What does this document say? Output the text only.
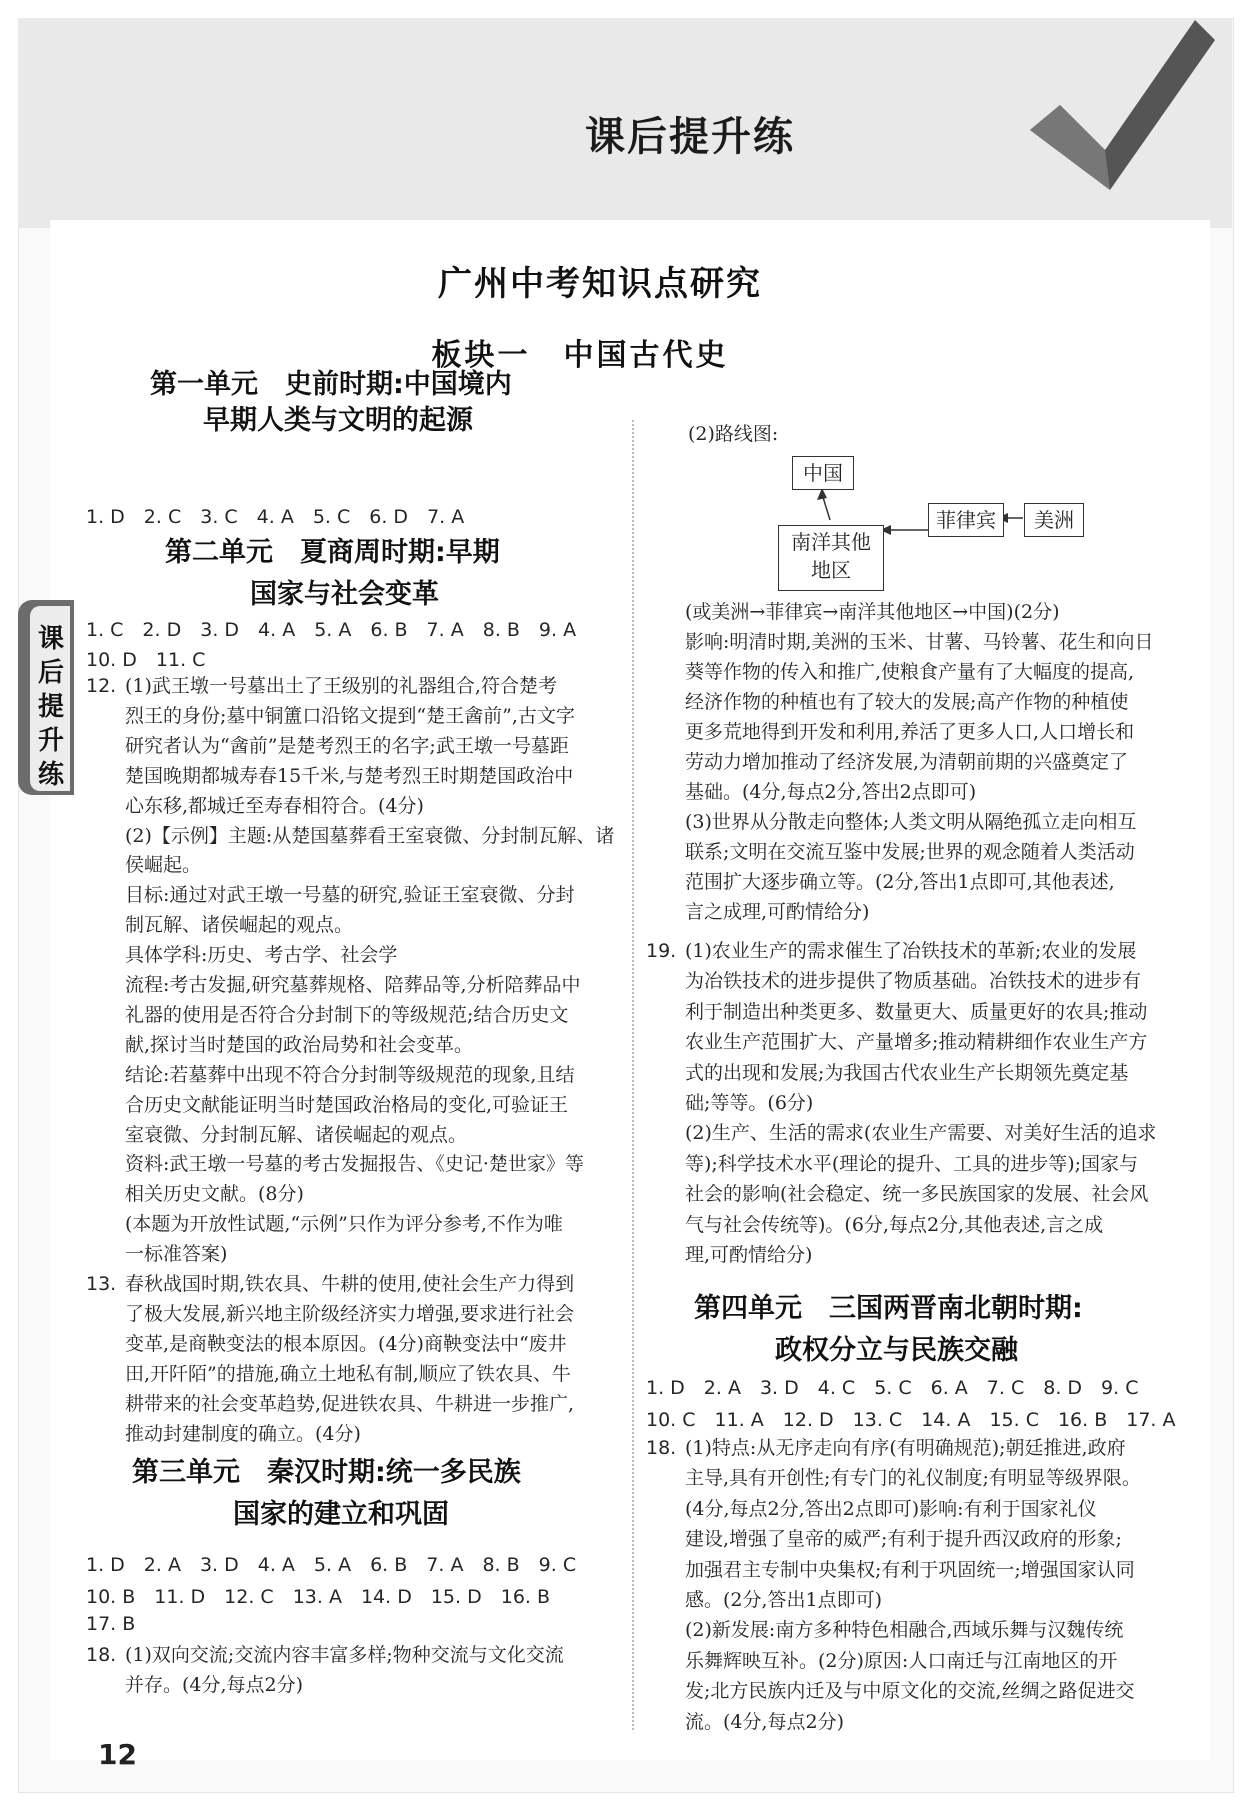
课后提升练
课后提升练
广州中考知识点研究
板块一　中国古代史
第一单元　史前时期:中国境内
早期人类与文明的起源
1. D　2. C　3. C　4. A　5. C　6. D　7. A
第二单元　夏商周时期:早期
国家与社会变革
1. C　2. D　3. D　4. A　5. A　6. B　7. A　8. B　9. A
10. D　11. C
12. (1)武王墩一号墓出土了王级别的礼器组合,符合楚考
烈王的身份;墓中铜簠口沿铭文提到“楚王酓前”,古文字
研究者认为“酓前”是楚考烈王的名字;武王墩一号墓距
楚国晚期都城寿春15千米,与楚考烈王时期楚国政治中
心东移,都城迁至寿春相符合。(4分)
(2)【示例】主题:从楚国墓葬看王室衰微、分封制瓦解、诸
侯崛起。
目标:通过对武王墩一号墓的研究,验证王室衰微、分封
制瓦解、诸侯崛起的观点。
具体学科:历史、考古学、社会学
流程:考古发掘,研究墓葬规格、陪葬品等,分析陪葬品中
礼器的使用是否符合分封制下的等级规范;结合历史文
献,探讨当时楚国的政治局势和社会变革。
结论:若墓葬中出现不符合分封制等级规范的现象,且结
合历史文献能证明当时楚国政治格局的变化,可验证王
室衰微、分封制瓦解、诸侯崛起的观点。
资料:武王墩一号墓的考古发掘报告、《史记·楚世家》等
相关历史文献。(8分)
(本题为开放性试题,“示例”只作为评分参考,不作为唯
一标准答案)
13. 春秋战国时期,铁农具、牛耕的使用,使社会生产力得到
了极大发展,新兴地主阶级经济实力增强,要求进行社会
变革,是商鞅变法的根本原因。(4分)商鞅变法中“废井
田,开阡陌”的措施,确立土地私有制,顺应了铁农具、牛
耕带来的社会变革趋势,促进铁农具、牛耕进一步推广,
推动封建制度的确立。(4分)
第三单元　秦汉时期:统一多民族
国家的建立和巩固
1. D　2. A　3. D　4. A　5. A　6. B　7. A　8. B　9. C
10. B　11. D　12. C　13. A　14. D　15. D　16. B
17. B
18. (1)双向交流;交流内容丰富多样;物种交流与文化交流
并存。(4分,每点2分)
(2)路线图:
中国
南洋其他
地区
菲律宾	美洲
(或美洲→菲律宾→南洋其他地区→中国)(2分)
影响:明清时期,美洲的玉米、甘薯、马铃薯、花生和向日
葵等作物的传入和推广,使粮食产量有了大幅度的提高,
经济作物的种植也有了较大的发展;高产作物的种植使
更多荒地得到开发和利用,养活了更多人口,人口增长和
劳动力增加推动了经济发展,为清朝前期的兴盛奠定了
基础。(4分,每点2分,答出2点即可)
(3)世界从分散走向整体;人类文明从隔绝孤立走向相互
联系;文明在交流互鉴中发展;世界的观念随着人类活动
范围扩大逐步确立等。(2分,答出1点即可,其他表述,
言之成理,可酌情给分)
19. (1)农业生产的需求催生了冶铁技术的革新;农业的发展
为冶铁技术的进步提供了物质基础。冶铁技术的进步有
利于制造出种类更多、数量更大、质量更好的农具;推动
农业生产范围扩大、产量增多;推动精耕细作农业生产方
式的出现和发展;为我国古代农业生产长期领先奠定基
础;等等。(6分)
(2)生产、生活的需求(农业生产需要、对美好生活的追求
等);科学技术水平(理论的提升、工具的进步等);国家与
社会的影响(社会稳定、统一多民族国家的发展、社会风
气与社会传统等)。(6分,每点2分,其他表述,言之成
理,可酌情给分)
第四单元　三国两晋南北朝时期:
政权分立与民族交融
1. D　2. A　3. D　4. C　5. C　6. A　7. C　8. D　9. C
10. C　11. A　12. D　13. C　14. A　15. C　16. B　17. A
18. (1)特点:从无序走向有序(有明确规范);朝廷推进,政府
主导,具有开创性;有专门的礼仪制度;有明显等级界限。
(4分,每点2分,答出2点即可)影响:有利于国家礼仪
建设,增强了皇帝的威严;有利于提升西汉政府的形象;
加强君主专制中央集权;有利于巩固统一;增强国家认同
感。(2分,答出1点即可)
(2)新发展:南方多种特色相融合,西域乐舞与汉魏传统
乐舞辉映互补。(2分)原因:人口南迁与江南地区的开
发;北方民族内迁及与中原文化的交流,丝绸之路促进交
流。(4分,每点2分)
12
